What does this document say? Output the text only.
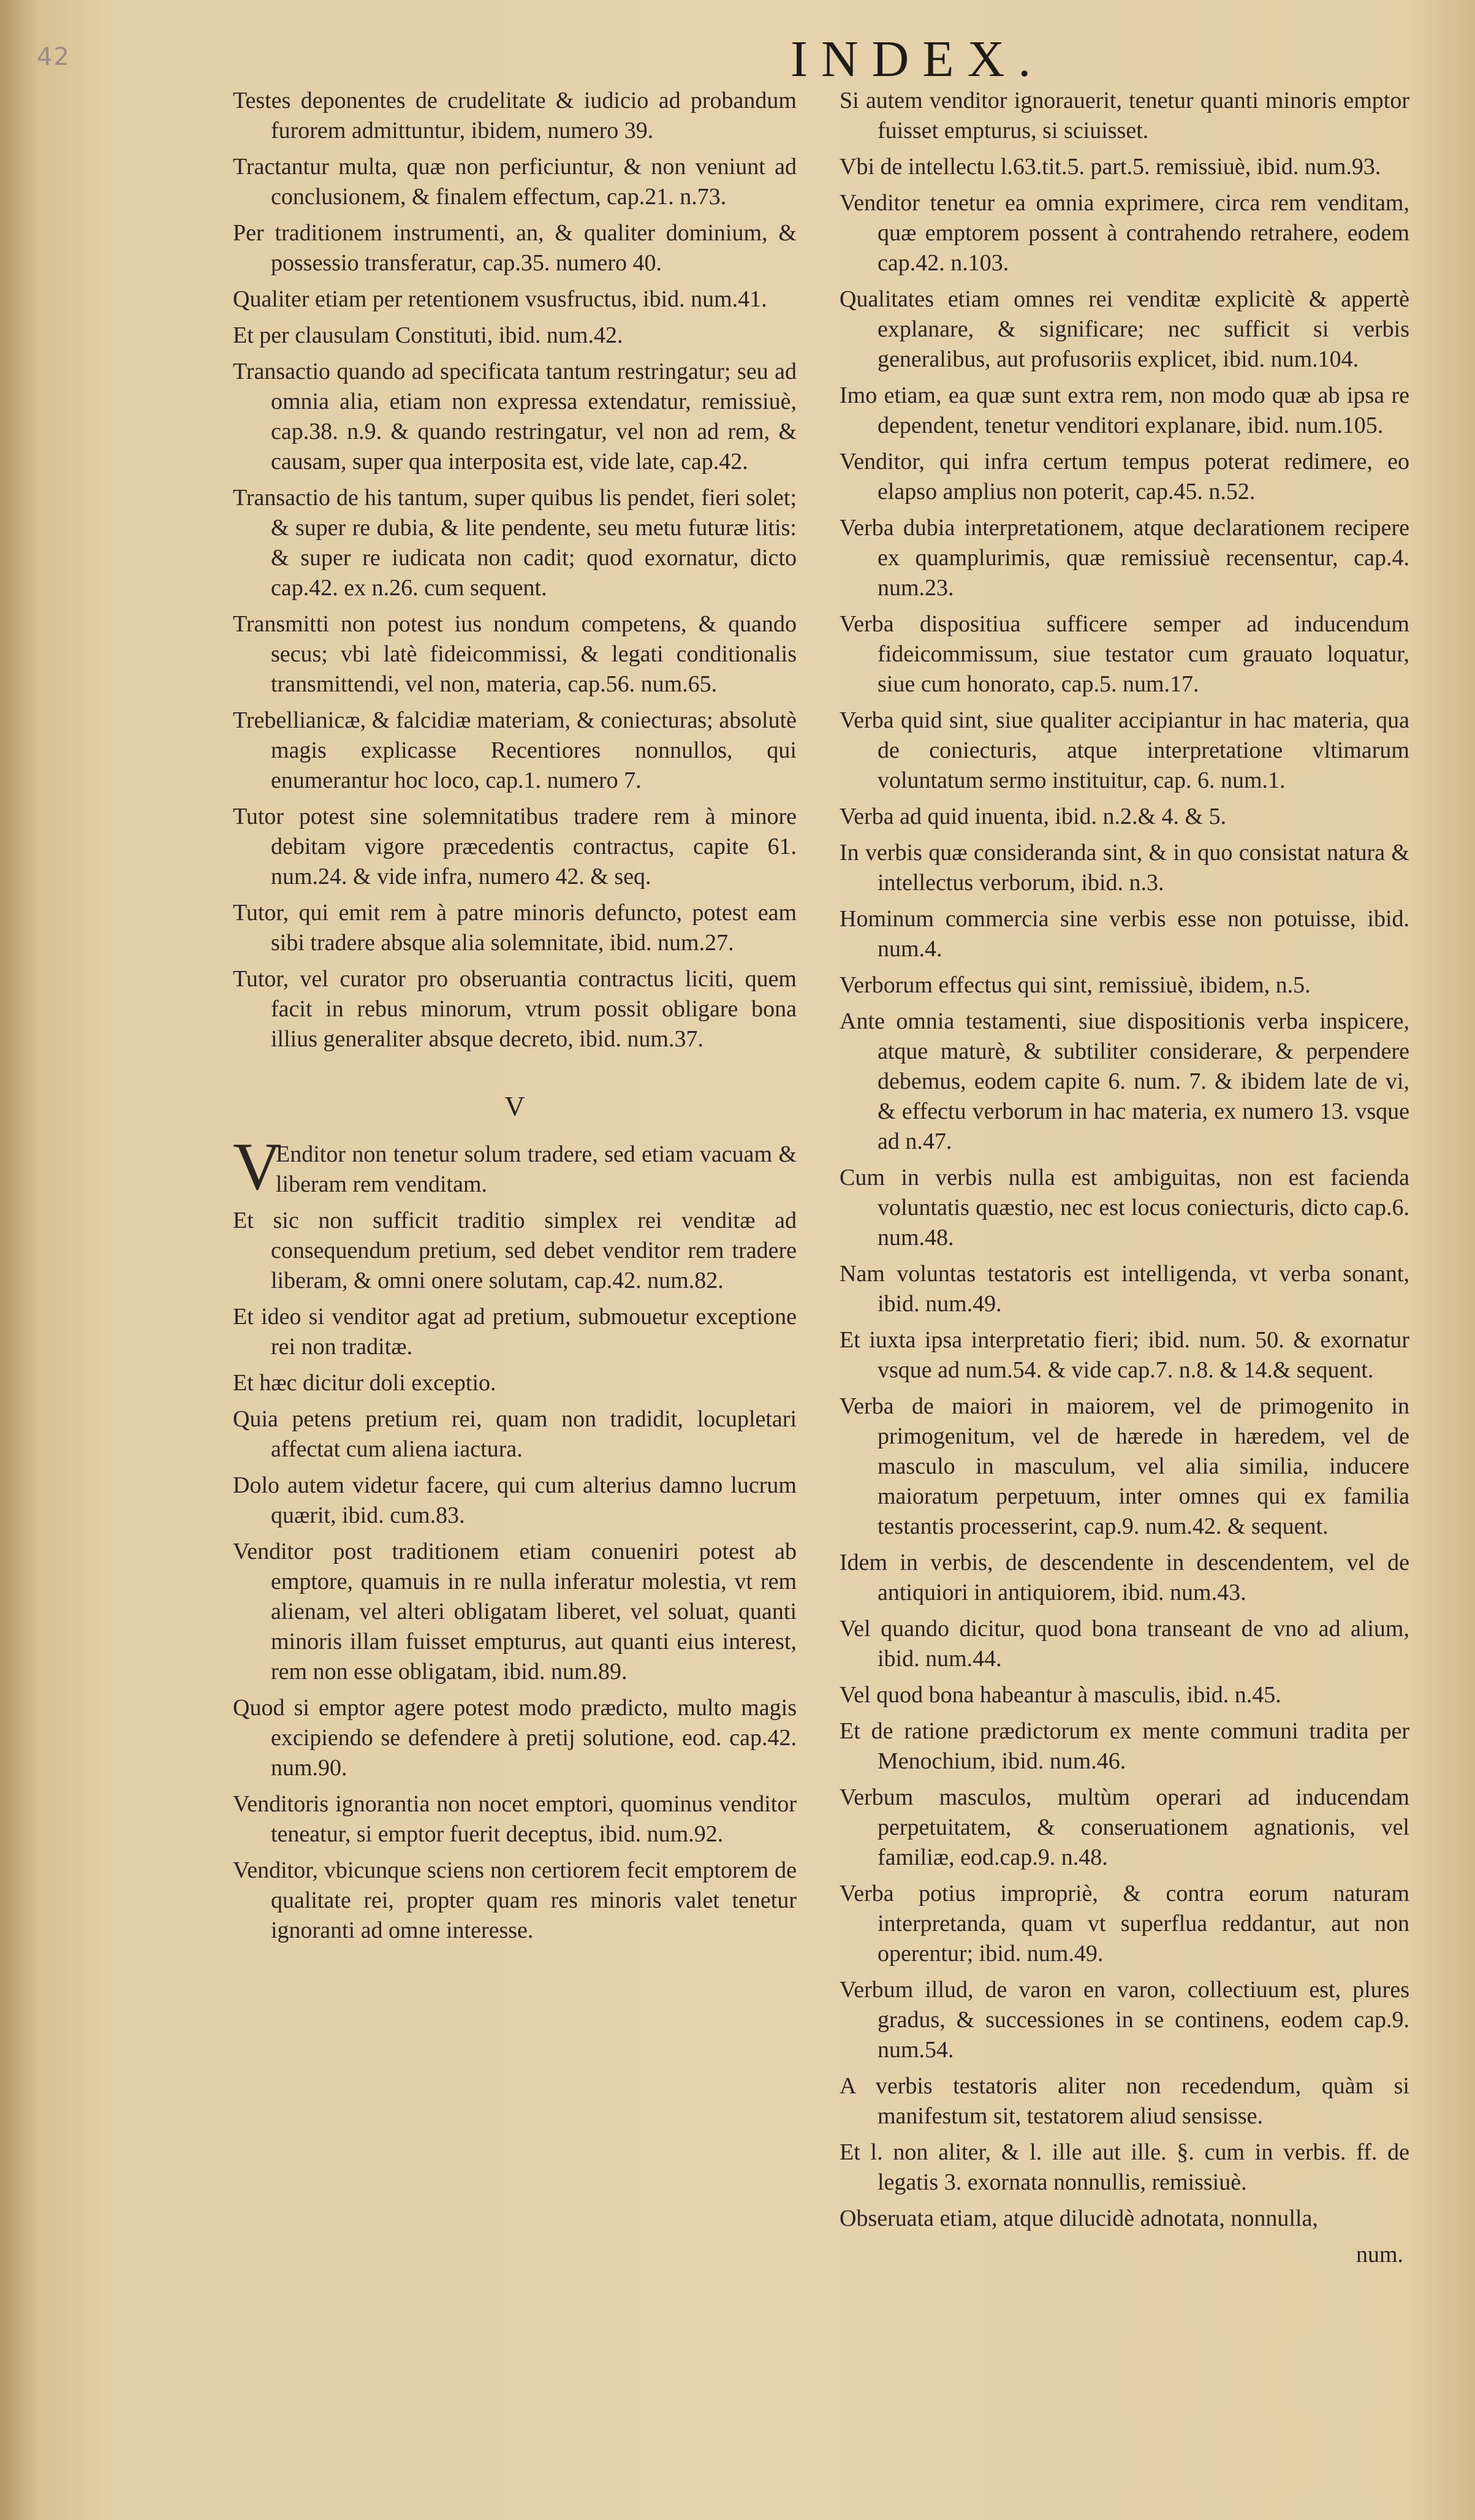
42	INDEX.
Testes deponentes de crudelitate & iudicio ad probandum furorem admittuntur, ibidem, numero 39.
Tractantur multa, quæ non perficiuntur, & non veniunt ad conclusionem, & finalem effectum, cap.21. n.73.
Per traditionem instrumenti, an, & qualiter dominium, & possessio transferatur, cap.35. numero 40.
Qualiter etiam per retentionem vsusfructus, ibid. num.41.
Et per clausulam Constituti, ibid. num.42.
Transactio quando ad specificata tantum restringatur; seu ad omnia alia, etiam non expressa extendatur, remissiuè, cap.38. n.9. & quando restringatur, vel non ad rem, & causam, super qua interposita est, vide late, cap.42.
Transactio de his tantum, super quibus lis pendet, fieri solet; & super re dubia, & lite pendente, seu metu futuræ litis: & super re iudicata non cadit; quod exornatur, dicto cap.42. ex n.26. cum sequent.
Transmitti non potest ius nondum competens, & quando secus; vbi latè fideicommissi, & legati conditionalis transmittendi, vel non, materia, cap.56. num.65.
Trebellianicæ, & falcidiæ materiam, & coniecturas; absolutè magis explicasse Recentiores nonnullos, qui enumerantur hoc loco, cap.1. numero 7.
Tutor potest sine solemnitatibus tradere rem à minore debitam vigore præcedentis contractus, capite 61. num.24. & vide infra, numero 42. & seq.
Tutor, qui emit rem à patre minoris defuncto, potest eam sibi tradere absque alia solemnitate, ibid. num.27.
Tutor, vel curator pro obseruantia contractus liciti, quem facit in rebus minorum, vtrum possit obligare bona illius generaliter absque decreto, ibid. num.37.
V
V
Enditor non tenetur solum tradere, sed etiam vacuam & liberam rem venditam.
Et sic non sufficit traditio simplex rei venditæ ad consequendum pretium, sed debet venditor rem tradere liberam, & omni onere solutam, cap.42. num.82.
Et ideo si venditor agat ad pretium, submouetur exceptione rei non traditæ.
Et hæc dicitur doli exceptio.
Quia petens pretium rei, quam non tradidit, locupletari affectat cum aliena iactura.
Dolo autem videtur facere, qui cum alterius damno lucrum quærit, ibid. cum.83.
Venditor post traditionem etiam conueniri potest ab emptore, quamuis in re nulla inferatur molestia, vt rem alienam, vel alteri obligatam liberet, vel soluat, quanti minoris illam fuisset empturus, aut quanti eius interest, rem non esse obligatam, ibid. num.89.
Quod si emptor agere potest modo prædicto, multo magis excipiendo se defendere à pretij solutione, eod. cap.42. num.90.
Venditoris ignorantia non nocet emptori, quominus venditor teneatur, si emptor fuerit deceptus, ibid. num.92.
Venditor, vbicunque sciens non certiorem fecit emptorem de qualitate rei, propter quam res minoris valet tenetur ignoranti ad omne interesse.
Si autem venditor ignorauerit, tenetur quanti minoris emptor fuisset empturus, si sciuisset.
Vbi de intellectu l.63.tit.5. part.5. remissiuè, ibid. num.93.
Venditor tenetur ea omnia exprimere, circa rem venditam, quæ emptorem possent à contrahendo retrahere, eodem cap.42. n.103.
Qualitates etiam omnes rei venditæ explicitè & appertè explanare, & significare; nec sufficit si verbis generalibus, aut profusoriis explicet, ibid. num.104.
Imo etiam, ea quæ sunt extra rem, non modo quæ ab ipsa re dependent, tenetur venditori explanare, ibid. num.105.
Venditor, qui infra certum tempus poterat redimere, eo elapso amplius non poterit, cap.45. n.52.
Verba dubia interpretationem, atque declarationem recipere ex quamplurimis, quæ remissiuè recensentur, cap.4. num.23.
Verba dispositiua sufficere semper ad inducendum fideicommissum, siue testator cum grauato loquatur, siue cum honorato, cap.5. num.17.
Verba quid sint, siue qualiter accipiantur in hac materia, qua de coniecturis, atque interpretatione vltimarum voluntatum sermo instituitur, cap. 6. num.1.
Verba ad quid inuenta, ibid. n.2.& 4. & 5.
In verbis quæ consideranda sint, & in quo consistat natura & intellectus verborum, ibid. n.3.
Hominum commercia sine verbis esse non potuisse, ibid. num.4.
Verborum effectus qui sint, remissiuè, ibidem, n.5.
Ante omnia testamenti, siue dispositionis verba inspicere, atque maturè, & subtiliter considerare, & perpendere debemus, eodem capite 6. num. 7. & ibidem late de vi, & effectu verborum in hac materia, ex numero 13. vsque ad n.47.
Cum in verbis nulla est ambiguitas, non est facienda voluntatis quæstio, nec est locus coniecturis, dicto cap.6. num.48.
Nam voluntas testatoris est intelligenda, vt verba sonant, ibid. num.49.
Et iuxta ipsa interpretatio fieri; ibid. num. 50. & exornatur vsque ad num.54. & vide cap.7. n.8. & 14.& sequent.
Verba de maiori in maiorem, vel de primogenito in primogenitum, vel de hærede in hæredem, vel de masculo in masculum, vel alia similia, inducere maioratum perpetuum, inter omnes qui ex familia testantis processerint, cap.9. num.42. & sequent.
Idem in verbis, de descendente in descendentem, vel de antiquiori in antiquiorem, ibid. num.43.
Vel quando dicitur, quod bona transeant de vno ad alium, ibid. num.44.
Vel quod bona habeantur à masculis, ibid. n.45.
Et de ratione prædictorum ex mente communi tradita per Menochium, ibid. num.46.
Verbum masculos, multùm operari ad inducendam perpetuitatem, & conseruationem agnationis, vel familiæ, eod.cap.9. n.48.
Verba potius impropriè, & contra eorum naturam interpretanda, quam vt superflua reddantur, aut non operentur; ibid. num.49.
Verbum illud, de varon en varon, collectiuum est, plures gradus, & successiones in se continens, eodem cap.9. num.54.
A verbis testatoris aliter non recedendum, quàm si manifestum sit, testatorem aliud sensisse.
Et l. non aliter, & l. ille aut ille. §. cum in verbis. ff. de legatis 3. exornata nonnullis, remissiuè.
Obseruata etiam, atque dilucidè adnotata, nonnulla,
num.
